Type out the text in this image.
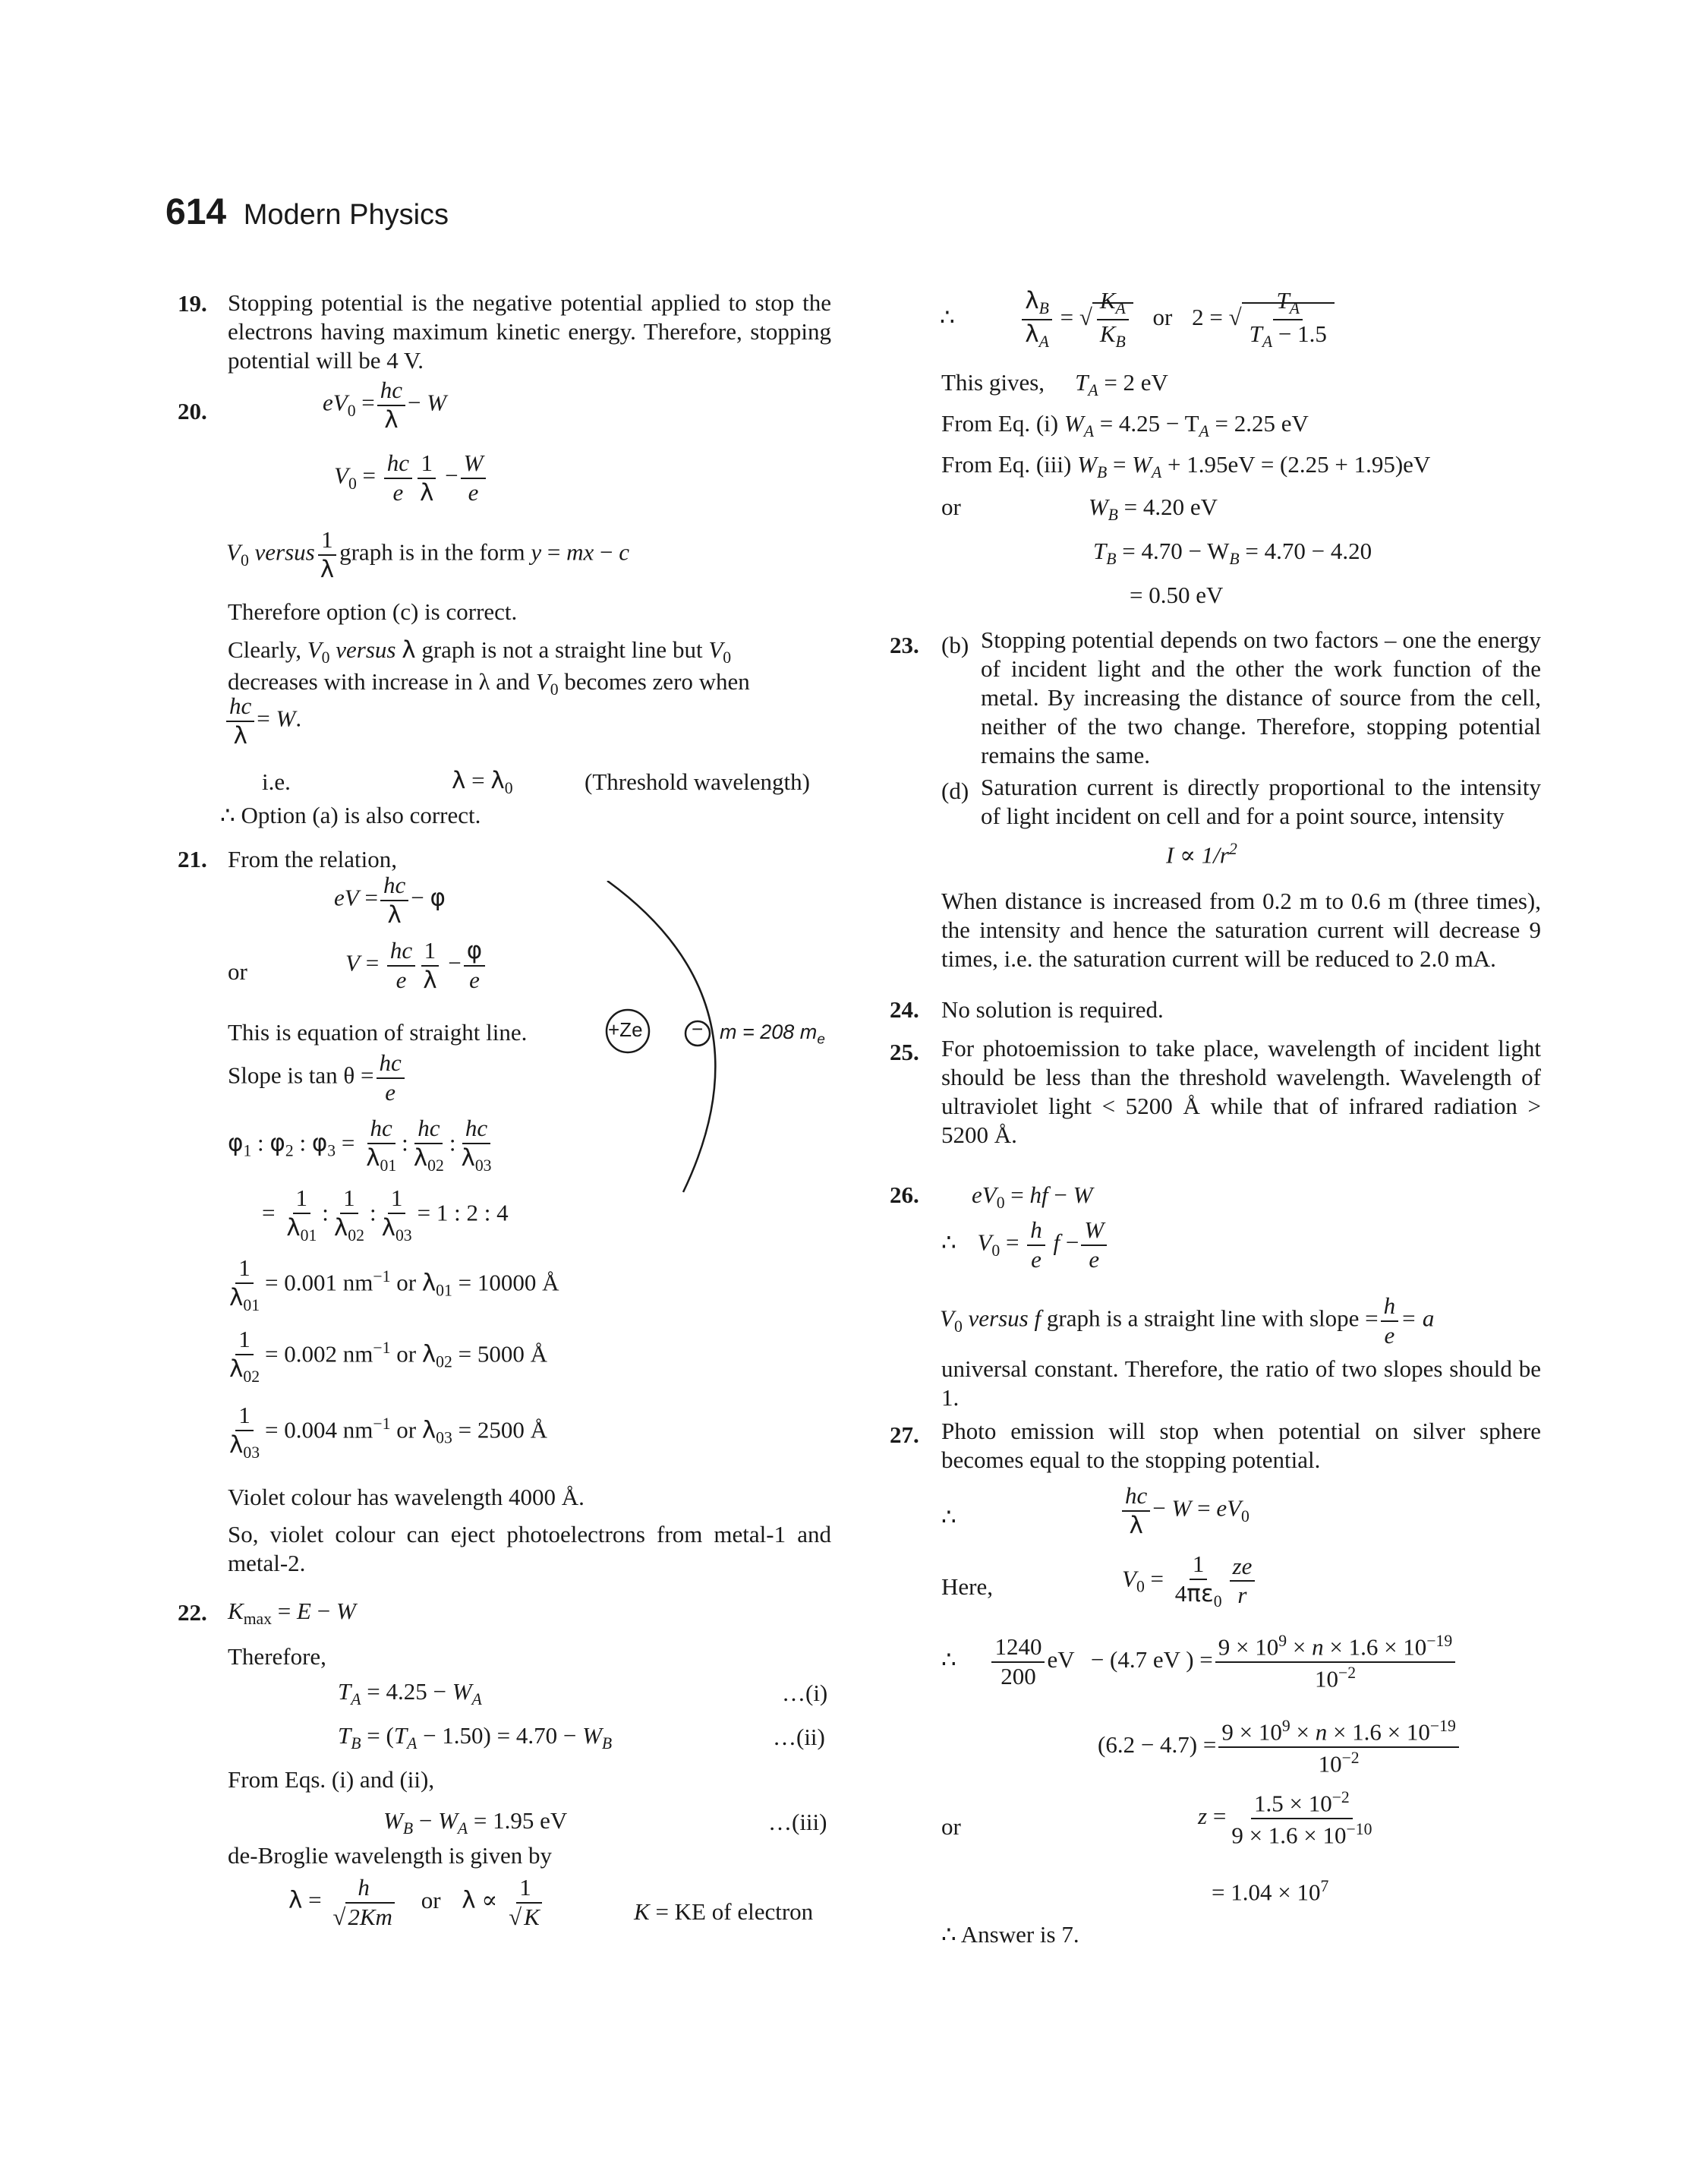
614 Modern Physics
19. Stopping potential is the negative potential applied to stop the electrons having maximum kinetic energy. Therefore, stopping potential will be 4 V.
20.	$eV_0 = \frac{hc}{\lambda} - W$
$V_0 = \frac{hc}{e} \frac{1}{\lambda} - \frac{W}{e}$
$V_0$ versus $\frac{1}{\lambda}$ graph is in the form y = mx − c
Therefore option (c) is correct.
Clearly, $V_0$ versus λ graph is not a straight line but $V_0$
decreases with increase in λ and $V_0$ becomes zero when
$\frac{hc}{\lambda} = W$.
i.e.	$\lambda = \lambda_0$	(Threshold wavelength)
∴ Option (a) is also correct.
21. From the relation,
eV = $\frac{hc}{\lambda} - \varphi$
or	$V = \frac{hc}{e} \frac{1}{\lambda} - \frac{\varphi}{e}$
This is equation of straight line.
Slope is $\tan \theta = \frac{hc}{e}$
$\varphi_1$ : $\varphi_2$ : $\varphi_3 = \frac{hc}{\lambda_{01}}$ : $\frac{hc}{\lambda_{02}}$ : $\frac{hc}{\lambda_{03}}$
= $\frac{1}{\lambda_{01}}$ : $\frac{1}{\lambda_{02}}$ : $\frac{1}{\lambda_{03}} = 1$ : 2 : 4
$\frac{1}{\lambda_{01}} = 0.001$ $nm^{-1}$ or $\lambda_{01} = 10000$ Å
$\frac{1}{\lambda_{02}} = 0.002$ $nm^{-1}$ or $\lambda_{02} = 5000$ Å
$\frac{1}{\lambda_{03}} = 0.004$ $nm^{-1}$ or $\lambda_{03} = 2500$ Å
Violet colour has wavelength 4000 Å.
So, violet colour can eject photoelectrons from metal-1 and metal-2.
+Ze − m = 208 $m_e$
22. $K_{max} = E - W$
Therefore,
$T_A = 4.25 - W_A$	…(i)
$T_B = (T_A - 1.50) = 4.70 - W_B$	…(ii)
From Eqs. (i) and (ii),
$W_B - W_A = 1.95$ eV	…(iii)
de-Broglie wavelength is given by
$\lambda = \frac{h}{√2Km}$ or $\lambda \propto \frac{1}{√K}$	K = KE of electron
∴	$\frac{\lambda_B}{\lambda_A}$ = √ $\frac{K_A}{K_B}$ or 2 = √ $\frac{T_A}{T_A - 1.5}$
This gives, $T_A = 2$ eV
From Eq. (i) $W_A = 4.25 - T_A = 2.25$ eV
From Eq. (iii) $W_B = W_A + 1.95eV = (2.25 + 1.95)eV$
or	$W_B = 4.20$ eV
$T_B = 4.70 - W_B = 4.70 - 4.20$
= 0.50 eV
23. (b) Stopping potential depends on two factors – one the energy of incident light and the other the work function of the metal. By increasing the distance of source from the cell, neither of the two change. Therefore, stopping potential remains the same.
(d) Saturation current is directly proportional to the intensity of light incident on cell and for a point source, intensity
$I \propto 1/r^2$
When distance is increased from 0.2 m to 0.6 m (three times), the intensity and hence the saturation current will decrease 9 times, i.e. the saturation current will be reduced to 2.0 mA.
24. No solution is required.
25. For photoemission to take place, wavelength of incident light should be less than the threshold wavelength. Wavelength of ultraviolet light < 5200 Å while that of infrared radiation > 5200 Å.
26. $eV_0$ = hf − W
∴ $V_0 = \frac{h}{e}$ $f - \frac{W}{e}$
$V_0$ versus f graph is a straight line with slope = $\frac{h}{e} = a$
universal constant. Therefore, the ratio of two slopes should be 1.
27. Photo emission will stop when potential on silver sphere becomes equal to the stopping potential.
∴	$\frac{hc}{\lambda} - W = eV_0$
Here,	$V_0 = \frac{1}{4\pi\varepsilon_0} \frac{ze}{r}$
∴ $\frac{1240}{200}$ eV − (4.7 eV ) = $\frac{9 \times 10^9 \times n \times 1.6 \times 10^{-19}}{10^{-2}}$
$(6.2 - 4.7) = \frac{9 \times 10^9 \times n \times 1.6 \times 10^{-19}}{10^{-2}}$
or	$z = \frac{1.5 \times 10^{-2}}{9 \times 1.6 \times 10^{-10}}$
= $1.04 \times 10^7$
∴ Answer is 7.
